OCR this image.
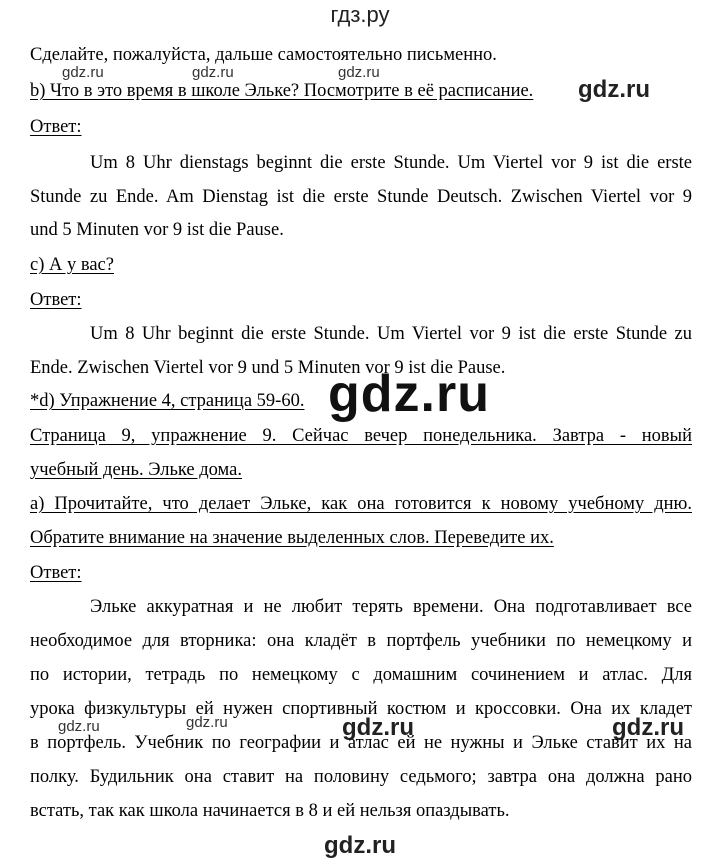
гдз.ру
Сделайте, пожалуйста, дальше самостоятельно письменно.
gdz.ru	gdz.ru	gdz.ru
b) Что в это время в школе Эльке? Посмотрите в её расписание. gdz.ru
Ответ:
Um 8 Uhr dienstags beginnt die erste Stunde. Um Viertel vor 9 ist die erste
Stunde zu Ende. Am Dienstag ist die erste Stunde Deutsch. Zwischen Viertel vor 9
und 5 Minuten vor 9 ist die Pause.
c) А у вас?
Ответ:
Um 8 Uhr beginnt die erste Stunde. Um Viertel vor 9 ist die erste Stunde zu
Ende. Zwischen Viertel vor 9 und 5 Minuten vor 9 ist die Pause.
*d) Упражнение 4, страница 59-60. gdz.ru
Страница 9, упражнение 9. Сейчас вечер понедельника. Завтра - новый
учебный день. Эльке дома.
а) Прочитайте, что делает Эльке, как она готовится к новому учебному дню.
Обратите внимание на значение выделенных слов. Переведите их.
Ответ:
Эльке аккуратная и не любит терять времени. Она подготавливает все
необходимое для вторника: она кладёт в портфель учебники по немецкому и
по истории, тетрадь по немецкому с домашним сочинением и атлас. Для
урока физкультуры ей нужен спортивный костюм и кроссовки. Она их кладет
gdz.ru	gdz.ru	gdz.ru	gdz.ru
в портфель. Учебник по географии и атлас ей не нужны и Эльке ставит их на
полку. Будильник она ставит на половину седьмого; завтра она должна рано
встать, так как школа начинается в 8 и ей нельзя опаздывать.
gdz.ru
